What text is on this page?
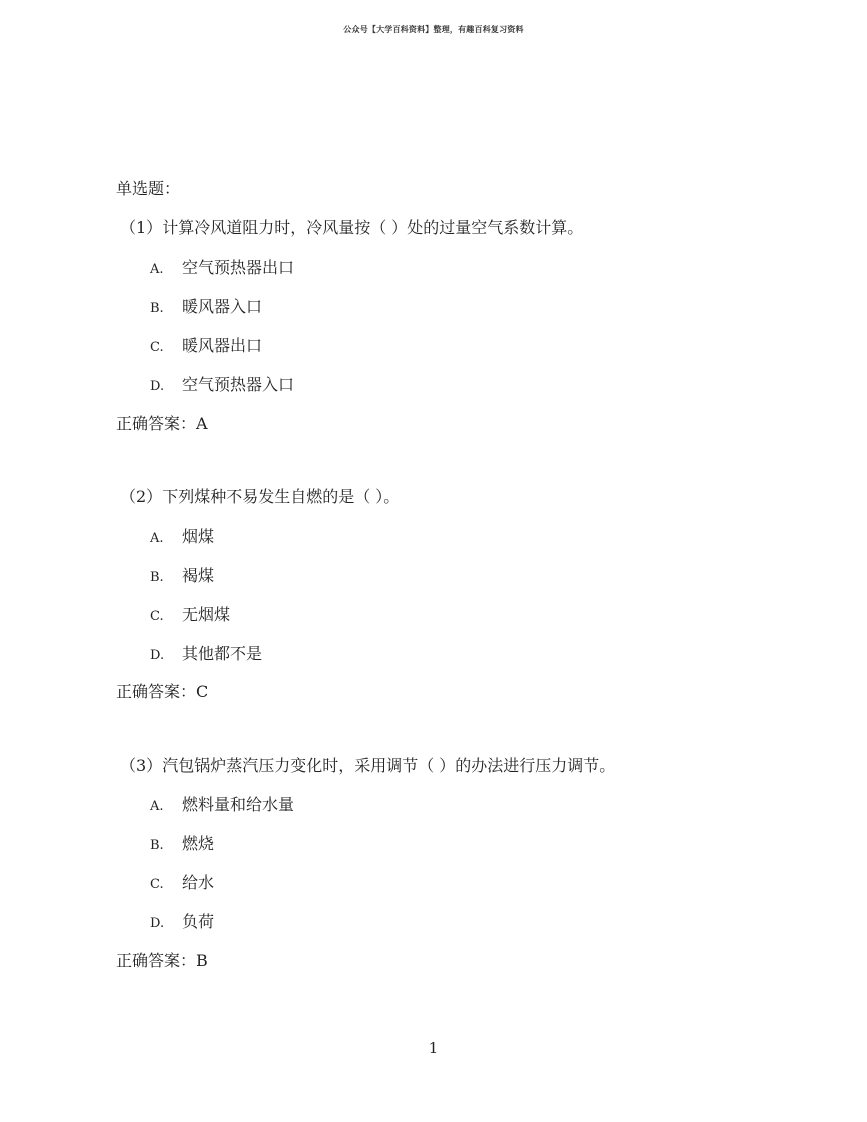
公众号【大学百科资料】整理，有趣百科复习资料
单选题：
（1）计算冷风道阻力时，冷风量按（ ）处的过量空气系数计算。
A. 空气预热器出口
B. 暖风器入口
C. 暖风器出口
D. 空气预热器入口
正确答案：A
（2）下列煤种不易发生自燃的是（ ）。
A. 烟煤
B. 褐煤
C. 无烟煤
D. 其他都不是
正确答案：C
（3）汽包锅炉蒸汽压力变化时，采用调节（ ）的办法进行压力调节。
A. 燃料量和给水量
B. 燃烧
C. 给水
D. 负荷
正确答案：B
1
